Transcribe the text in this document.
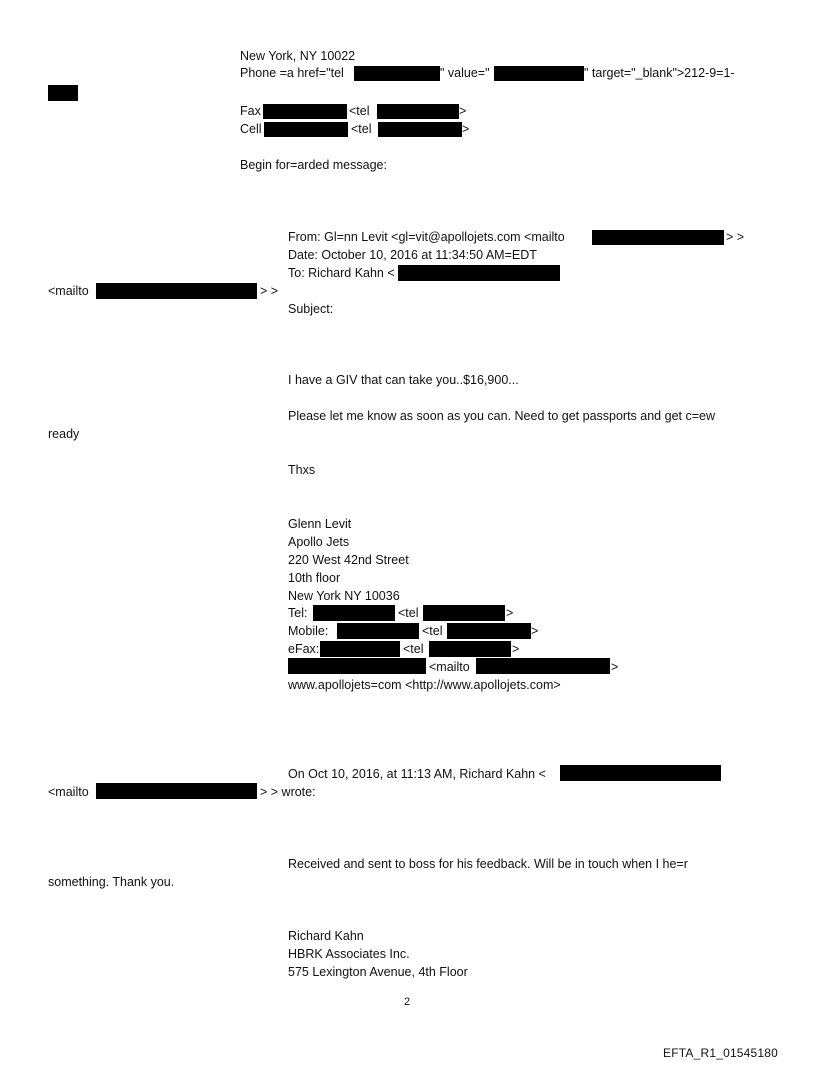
New York, NY 10022
Phone =a href="tel	" value="	" target="_blank">212-9=1-
Fax	<tel	>
Cell	<tel	>
Begin for=arded message:
From: Gl=nn Levit <gl=vit@apollojets.com <mailto	> >
Date: October 10, 2016 at 11:34:50 AM=EDT
To: Richard Kahn <
<mailto	> >
Subject:
I have a GIV that can take you..$16,900...
Please let me know as soon as you can. Need to get passports and get c=ew
ready
Thxs
Glenn Levit
Apollo Jets
220 West 42nd Street
10th floor
New York NY 10036
Tel:	<tel	>
Mobile:	<tel	>
eFax:	<tel	>
<mailto	>
www.apollojets=com <http://www.apollojets.com>
On Oct 10, 2016, at 11:13 AM, Richard Kahn <
<mailto	> > wrote:
Received and sent to boss for his feedback. Will be in touch when I he=r
something. Thank you.
Richard Kahn
HBRK Associates Inc.
575 Lexington Avenue, 4th Floor
2
EFTA_R1_01545180
